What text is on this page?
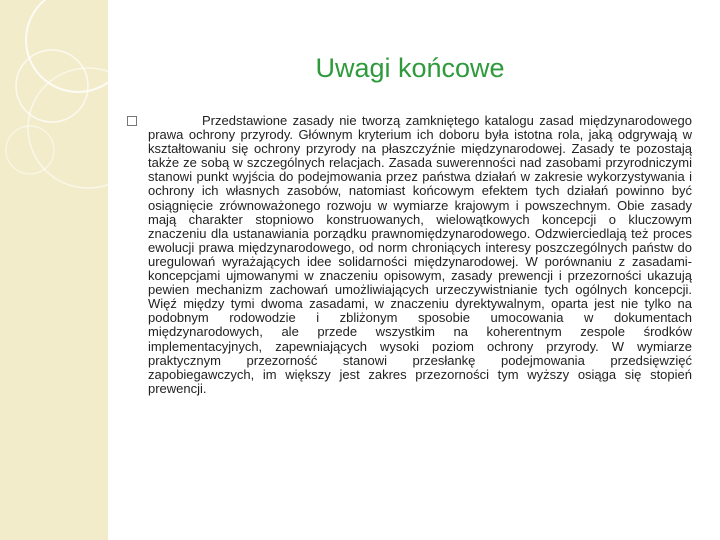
Uwagi końcowe

Przedstawione zasady nie tworzą zamkniętego katalogu zasad międzynarodowego prawa ochrony przyrody. Głównym kryterium ich doboru była istotna rola, jaką odgrywają w kształtowaniu się ochrony przyrody na płaszczyźnie międzynarodowej. Zasady te pozostają także ze sobą w szczególnych relacjach. Zasada suwerenności nad zasobami przyrodniczymi stanowi punkt wyjścia do podejmowania przez państwa działań w zakresie wykorzystywania i ochrony ich własnych zasobów, natomiast końcowym efektem tych działań powinno być osiągnięcie zrównoważonego rozwoju w wymiarze krajowym i powszechnym. Obie zasady mają charakter stopniowo konstruowanych, wielowątkowych koncepcji o kluczowym znaczeniu dla ustanawiania porządku prawnomiędzynarodowego. Odzwierciedlają też proces ewolucji prawa międzynarodowego, od norm chroniących interesy poszczególnych państw do uregulowań wyrażających idee solidarności międzynarodowej. W porównaniu z zasadami-koncepcjami ujmowanymi w znaczeniu opisowym, zasady prewencji i przezorności ukazują pewien mechanizm zachowań umożliwiających urzeczywistnianie tych ogólnych koncepcji. Więź między tymi dwoma zasadami, w znaczeniu dyrektywalnym, oparta jest nie tylko na podobnym rodowodzie i zbliżonym sposobie umocowania w dokumentach międzynarodowych, ale przede wszystkim na koherentnym zespole środków implementacyjnych, zapewniających wysoki poziom ochrony przyrody. W wymiarze praktycznym przezorność stanowi przesłankę podejmowania przedsięwzięć zapobiegawczych, im większy jest zakres przezorności tym wyższy osiąga się stopień prewencji.
